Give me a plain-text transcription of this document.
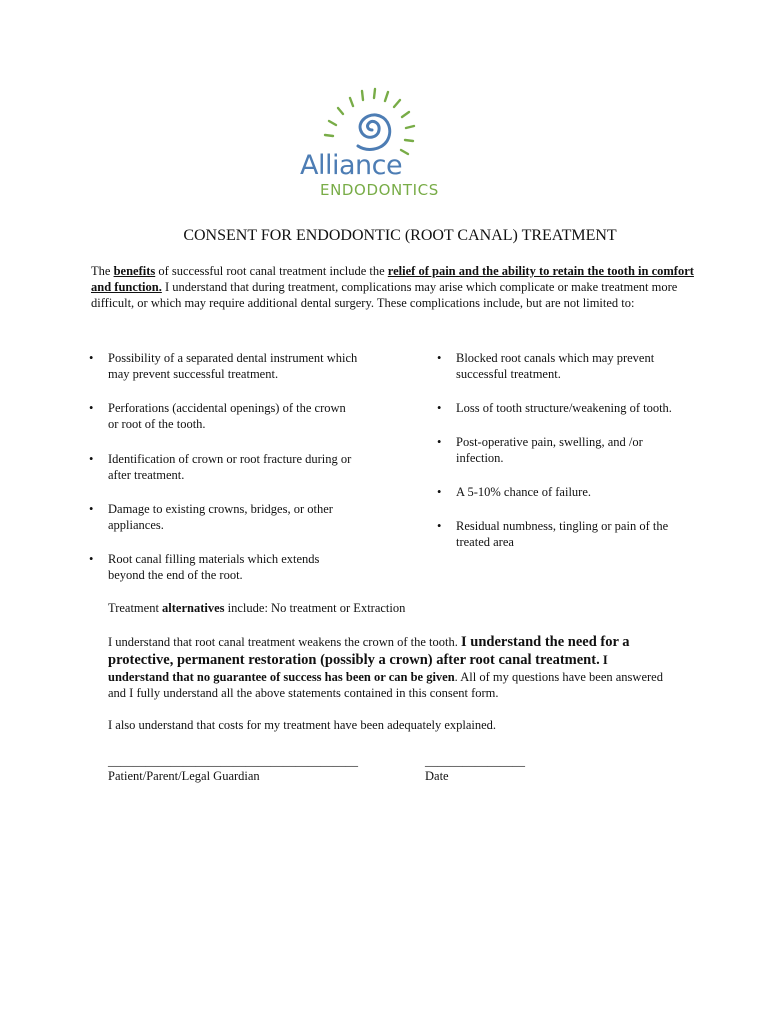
Alliance
ENDODONTICS
CONSENT FOR ENDODONTIC (ROOT CANAL) TREATMENT

The benefits of successful root canal treatment include the relief of pain and the ability to retain the tooth in comfort and function. I understand that during treatment, complications may arise which complicate or make treatment more difficult, or which may require additional dental surgery. These complications include, but are not limited to:

• Possibility of a separated dental instrument which may prevent successful treatment.
• Perforations (accidental openings) of the crown or root of the tooth.
• Identification of crown or root fracture during or after treatment.
• Damage to existing crowns, bridges, or other appliances.
• Root canal filling materials which extends beyond the end of the root.
• Blocked root canals which may prevent successful treatment.
• Loss of tooth structure/weakening of tooth.
• Post-operative pain, swelling, and /or infection.
• A 5-10% chance of failure.
• Residual numbness, tingling or pain of the treated area

Treatment alternatives include: No treatment or Extraction

I understand that root canal treatment weakens the crown of the tooth. I understand the need for a protective, permanent restoration (possibly a crown) after root canal treatment. I understand that no guarantee of success has been or can be given. All of my questions have been answered and I fully understand all the above statements contained in this consent form.

I also understand that costs for my treatment have been adequately explained.

________________________________________
Patient/Parent/Legal Guardian
________________
Date
